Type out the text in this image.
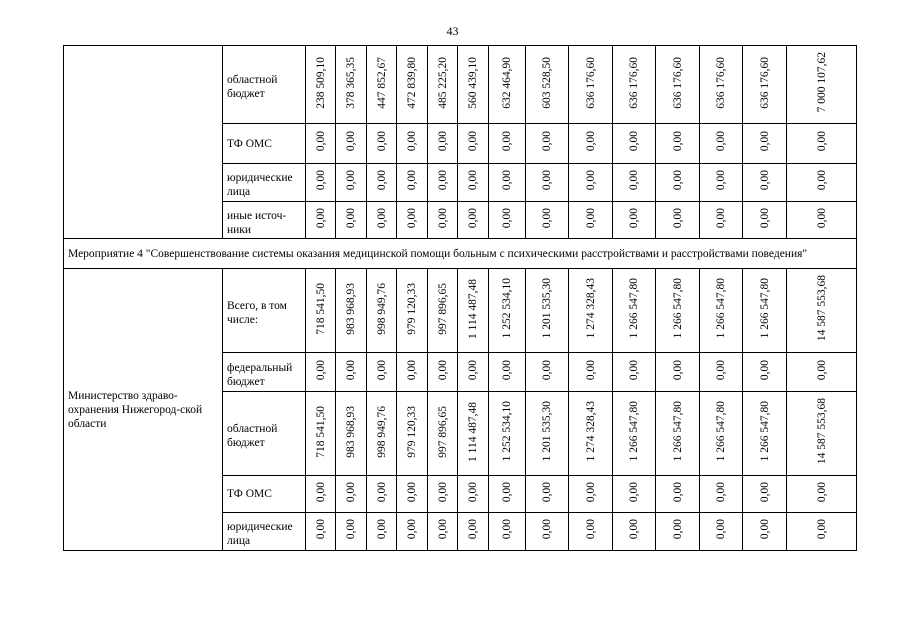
43
	областной бюджет	238 509,10	378 365,35	447 852,67	472 839,80	485 225,20	560 439,10	632 464,90	603 528,50	636 176,60	636 176,60	636 176,60	636 176,60	636 176,60	7 000 107,62
	ТФ ОМС	0,00	0,00	0,00	0,00	0,00	0,00	0,00	0,00	0,00	0,00	0,00	0,00	0,00	0,00
	юридические лица	0,00	0,00	0,00	0,00	0,00	0,00	0,00	0,00	0,00	0,00	0,00	0,00	0,00	0,00
	иные источ-ники	0,00	0,00	0,00	0,00	0,00	0,00	0,00	0,00	0,00	0,00	0,00	0,00	0,00	0,00
Мероприятие 4 "Совершенствование системы оказания медицинской помощи больным с психическими расстройствами и расстройствами поведения"															
Министерство здраво-охранения Нижегород-ской области	Всего, в том числе:	718 541,50	983 968,93	998 949,76	979 120,33	997 896,65	1 114 487,48	1 252 534,10	1 201 535,30	1 274 328,43	1 266 547,80	1 266 547,80	1 266 547,80	1 266 547,80	14 587 553,68
	федеральный бюджет	0,00	0,00	0,00	0,00	0,00	0,00	0,00	0,00	0,00	0,00	0,00	0,00	0,00	0,00
	областной бюджет	718 541,50	983 968,93	998 949,76	979 120,33	997 896,65	1 114 487,48	1 252 534,10	1 201 535,30	1 274 328,43	1 266 547,80	1 266 547,80	1 266 547,80	1 266 547,80	14 587 553,68
	ТФ ОМС	0,00	0,00	0,00	0,00	0,00	0,00	0,00	0,00	0,00	0,00	0,00	0,00	0,00	0,00
	юридические лица	0,00	0,00	0,00	0,00	0,00	0,00	0,00	0,00	0,00	0,00	0,00	0,00	0,00	0,00
